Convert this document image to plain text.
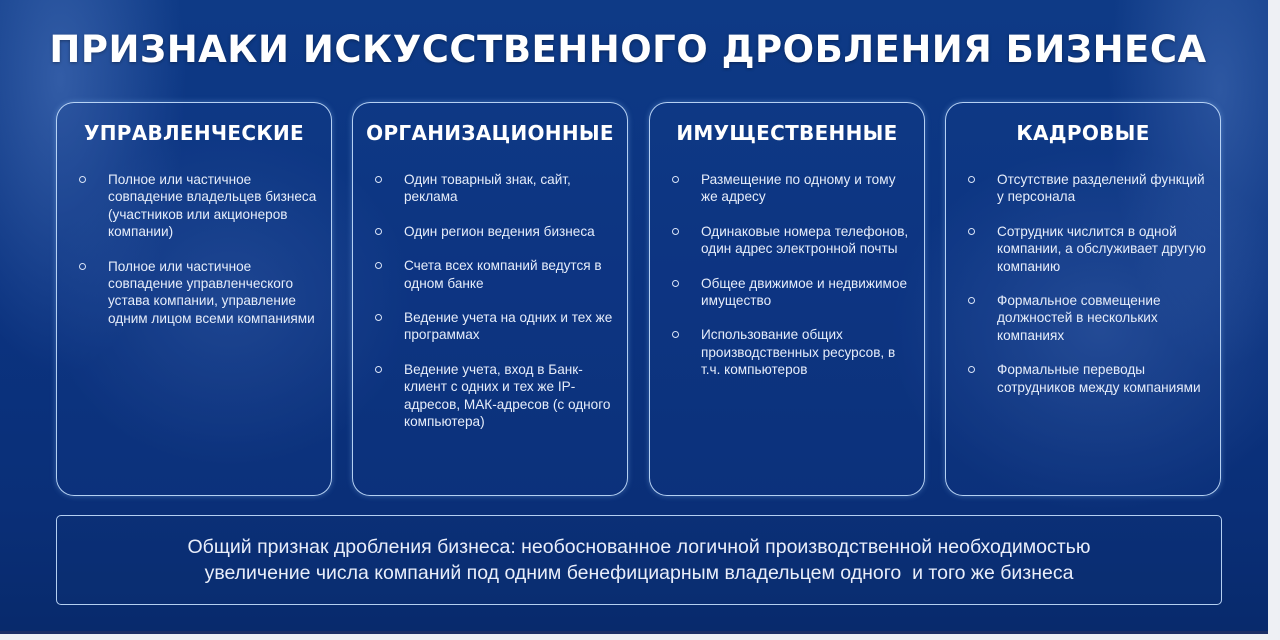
ПРИЗНАКИ ИСКУССТВЕННОГО ДРОБЛЕНИЯ БИЗНЕСА
УПРАВЛЕНЧЕСКИЕ
Полное или частичное совпадение владельцев бизнеса (участников или акционеров компании)
Полное или частичное совпадение управленческого устава компании, управление одним лицом всеми компаниями
ОРГАНИЗАЦИОННЫЕ
Один товарный знак, сайт, реклама
Один регион ведения бизнеса
Счета всех компаний ведутся в одном банке
Ведение учета на одних и тех же программах
Ведение учета, вход в Банк-клиент с одних и тех же IP-адресов, МАК-адресов (с одного компьютера)
ИМУЩЕСТВЕННЫЕ
Размещение по одному и тому же адресу
Одинаковые номера телефонов, один адрес электронной почты
Общее движимое и недвижимое имущество
Использование общих производственных ресурсов, в т.ч. компьютеров
КАДРОВЫЕ
Отсутствие разделений функций у персонала
Сотрудник числится в одной компании, а обслуживает другую компанию
Формальное совмещение должностей в нескольких компаниях
Формальные переводы сотрудников между компаниями
Общий признак дробления бизнеса: необоснованное логичной производственной необходимостью
увеличение числа компаний под одним бенефициарным владельцем одного  и того же бизнеса
